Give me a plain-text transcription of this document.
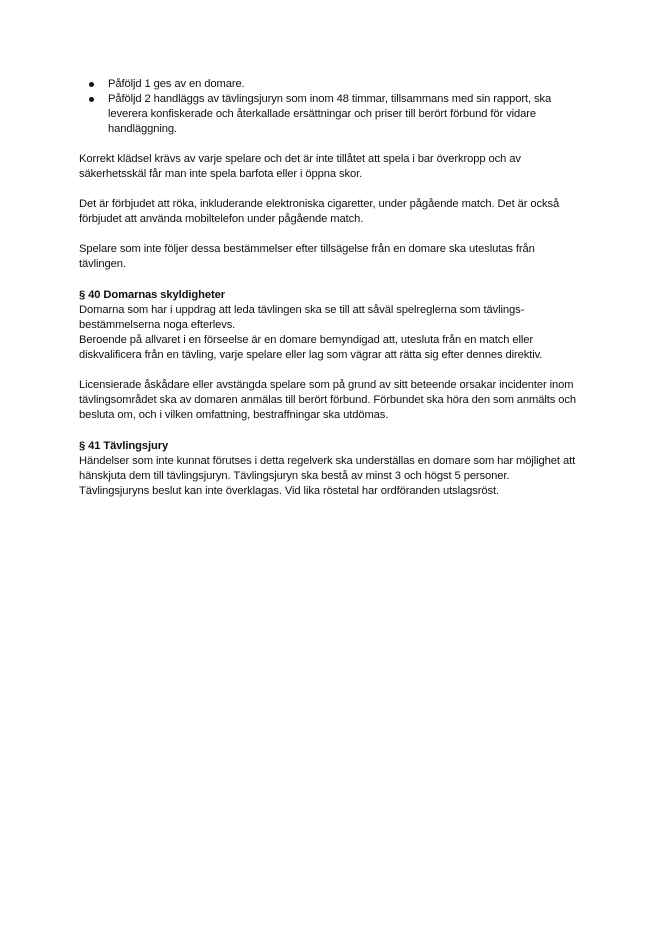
Påföljd 1 ges av en domare.
Påföljd 2 handläggs av tävlingsjuryn som inom 48 timmar, tillsammans med sin rapport, ska leverera konfiskerade och återkallade ersättningar och priser till berört förbund för vidare handläggning.

Korrekt klädsel krävs av varje spelare och det är inte tillåtet att spela i bar överkropp och av säkerhetsskäl får man inte spela barfota eller i öppna skor.

Det är förbjudet att röka, inkluderande elektroniska cigaretter, under pågående match. Det är också förbjudet att använda mobiltelefon under pågående match.

Spelare som inte följer dessa bestämmelser efter tillsägelse från en domare ska uteslutas från tävlingen.

§ 40 Domarnas skyldigheter

Domarna som har i uppdrag att leda tävlingen ska se till att såväl spelreglerna som tävlings-bestämmelserna noga efterlevs.

Beroende på allvaret i en förseelse är en domare bemyndigad att, utesluta från en match eller diskvalificera från en tävling, varje spelare eller lag som vägrar att rätta sig efter dennes direktiv.

Licensierade åskådare eller avstängda spelare som på grund av sitt beteende orsakar incidenter inom tävlingsområdet ska av domaren anmälas till berört förbund. Förbundet ska höra den som anmälts och besluta om, och i vilken omfattning, bestraffningar ska utdömas.

§ 41 Tävlingsjury

Händelser som inte kunnat förutses i detta regelverk ska underställas en domare som har möjlighet att hänskjuta dem till tävlingsjuryn. Tävlingsjuryn ska bestå av minst 3 och högst 5 personer. Tävlingsjuryns beslut kan inte överklagas. Vid lika röstetal har ordföranden utslagsröst.
